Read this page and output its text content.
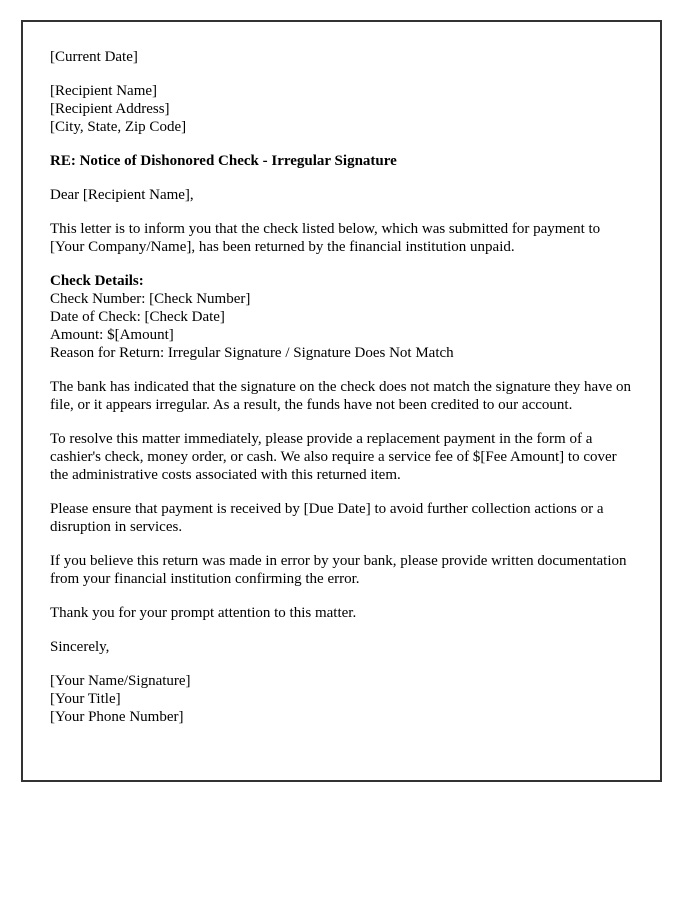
[Current Date]
[Recipient Name]
[Recipient Address]
[City, State, Zip Code]
RE: Notice of Dishonored Check - Irregular Signature
Dear [Recipient Name],
This letter is to inform you that the check listed below, which was submitted for payment to [Your Company/Name], has been returned by the financial institution unpaid.
Check Details:
Check Number: [Check Number]
Date of Check: [Check Date]
Amount: $[Amount]
Reason for Return: Irregular Signature / Signature Does Not Match
The bank has indicated that the signature on the check does not match the signature they have on file, or it appears irregular. As a result, the funds have not been credited to our account.
To resolve this matter immediately, please provide a replacement payment in the form of a cashier's check, money order, or cash. We also require a service fee of $[Fee Amount] to cover the administrative costs associated with this returned item.
Please ensure that payment is received by [Due Date] to avoid further collection actions or a disruption in services.
If you believe this return was made in error by your bank, please provide written documentation from your financial institution confirming the error.
Thank you for your prompt attention to this matter.
Sincerely,
[Your Name/Signature]
[Your Title]
[Your Phone Number]
